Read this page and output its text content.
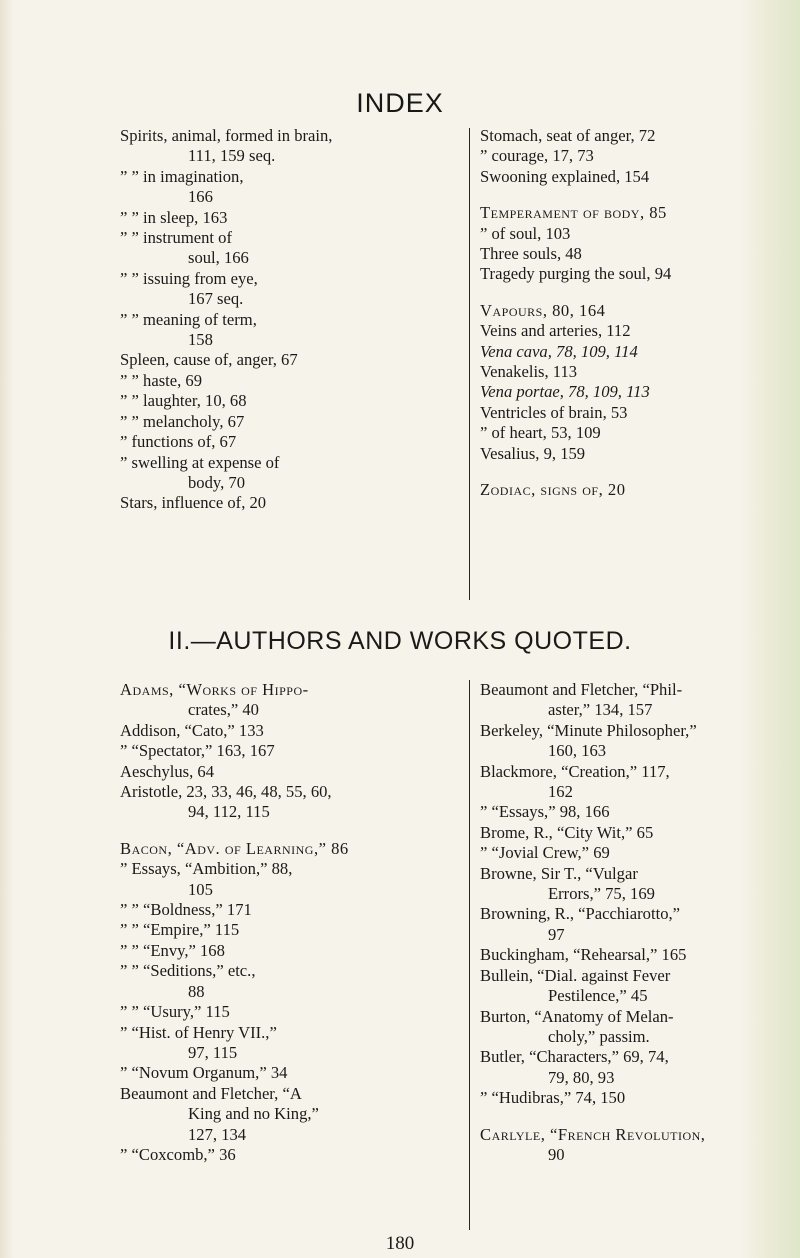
INDEX
Spirits, animal, formed in brain,
111, 159 seq.
” ” in imagination,
166
” ” in sleep, 163
” ” instrument of
soul, 166
” ” issuing from eye,
167 seq.
” ” meaning of term,
158
Spleen, cause of, anger, 67
” ” haste, 69
” ” laughter, 10, 68
” ” melancholy, 67
” functions of, 67
” swelling at expense of
body, 70
Stars, influence of, 20
Stomach, seat of anger, 72
” courage, 17, 73
Swooning explained, 154
Temperament of body, 85
” of soul, 103
Three souls, 48
Tragedy purging the soul, 94
Vapours, 80, 164
Veins and arteries, 112
Vena cava, 78, 109, 114
Venakelis, 113
Vena portae, 78, 109, 113
Ventricles of brain, 53
” of heart, 53, 109
Vesalius, 9, 159
Zodiac, signs of, 20
II.—AUTHORS AND WORKS QUOTED.
Adams, “Works of Hippo-
crates,” 40
Addison, “Cato,” 133
” “Spectator,” 163, 167
Aeschylus, 64
Aristotle, 23, 33, 46, 48, 55, 60,
94, 112, 115
Bacon, “Adv. of Learning,” 86
” Essays, “Ambition,” 88,
105
” ” “Boldness,” 171
” ” “Empire,” 115
” ” “Envy,” 168
” ” “Seditions,” etc.,
88
” ” “Usury,” 115
” “Hist. of Henry VII.,”
97, 115
” “Novum Organum,” 34
Beaumont and Fletcher, “A
King and no King,”
127, 134
” “Coxcomb,” 36
Beaumont and Fletcher, “Phil-
aster,” 134, 157
Berkeley, “Minute Philosopher,”
160, 163
Blackmore, “Creation,” 117,
162
” “Essays,” 98, 166
Brome, R., “City Wit,” 65
” “Jovial Crew,” 69
Browne, Sir T., “Vulgar
Errors,” 75, 169
Browning, R., “Pacchiarotto,”
97
Buckingham, “Rehearsal,” 165
Bullein, “Dial. against Fever
Pestilence,” 45
Burton, “Anatomy of Melan-
choly,” passim.
Butler, “Characters,” 69, 74,
79, 80, 93
” “Hudibras,” 74, 150
Carlyle, “French Revolution,
90
180
